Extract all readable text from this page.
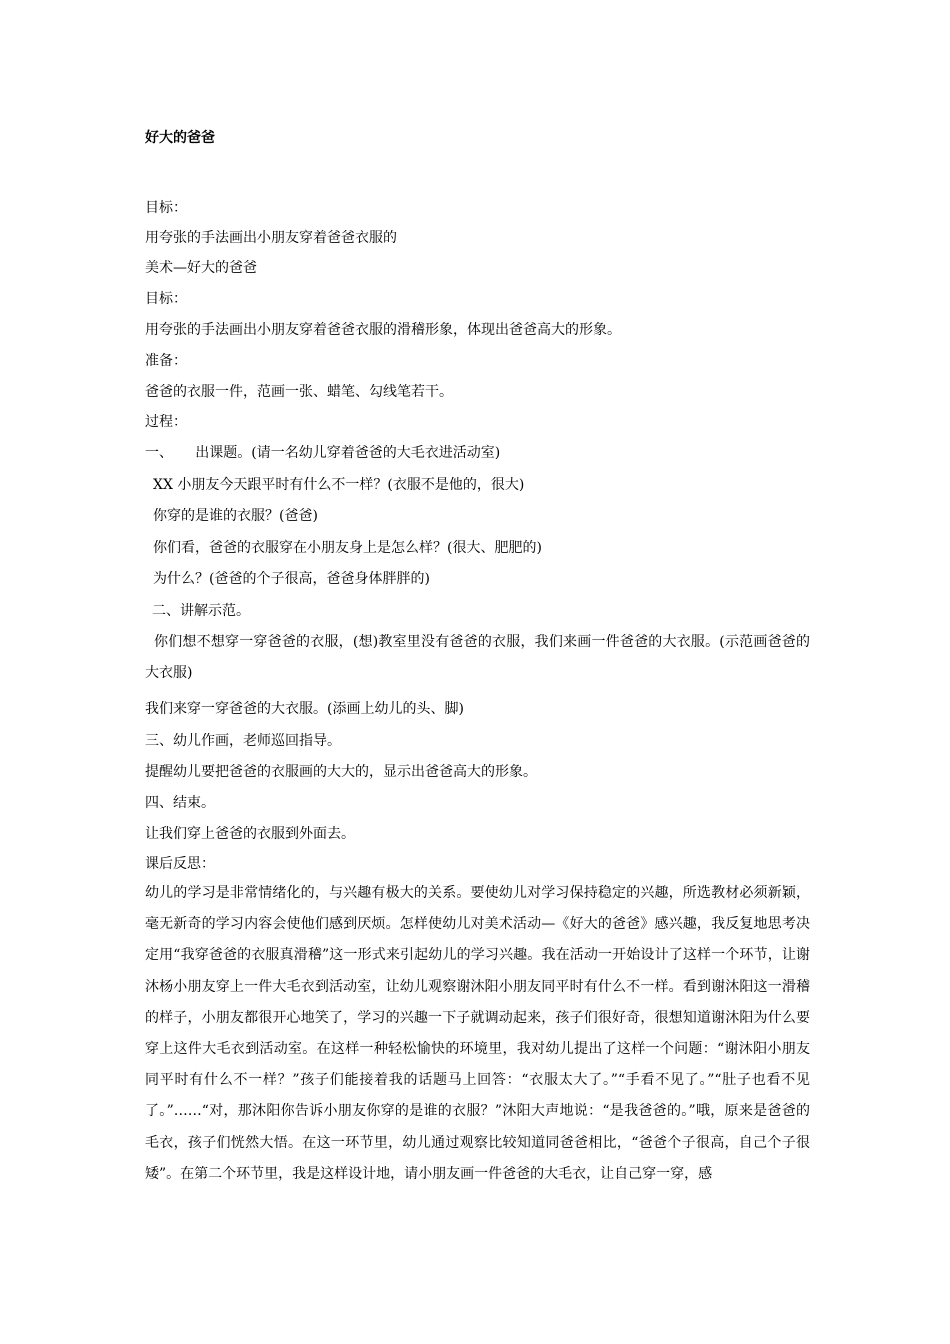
好大的爸爸
目标：
用夸张的手法画出小朋友穿着爸爸衣服的
美术—好大的爸爸
目标：
用夸张的手法画出小朋友穿着爸爸衣服的滑稽形象，体现出爸爸高大的形象。
准备：
爸爸的衣服一件，范画一张、蜡笔、勾线笔若干。
过程：
一、     出课题。(请一名幼儿穿着爸爸的大毛衣进活动室)
XX 小朋友今天跟平时有什么不一样？(衣服不是他的，很大)
你穿的是谁的衣服？(爸爸)
你们看，爸爸的衣服穿在小朋友身上是怎么样？(很大、肥肥的)
为什么？(爸爸的个子很高，爸爸身体胖胖的)
二、讲解示范。
你们想不想穿一穿爸爸的衣服，(想)教室里没有爸爸的衣服，我们来画一件爸爸的大衣服。(示范画爸爸的大衣服)
我们来穿一穿爸爸的大衣服。(添画上幼儿的头、脚)
三、幼儿作画，老师巡回指导。
提醒幼儿要把爸爸的衣服画的大大的，显示出爸爸高大的形象。
四、结束。
让我们穿上爸爸的衣服到外面去。
课后反思：
幼儿的学习是非常情绪化的，与兴趣有极大的关系。要使幼儿对学习保持稳定的兴趣，所选教材必须新颖，毫无新奇的学习内容会使他们感到厌烦。怎样使幼儿对美术活动—《好大的爸爸》感兴趣，我反复地思考决定用“我穿爸爸的衣服真滑稽”这一形式来引起幼儿的学习兴趣。我在活动一开始设计了这样一个环节，让谢沐杨小朋友穿上一件大毛衣到活动室，让幼儿观察谢沐阳小朋友同平时有什么不一样。看到谢沐阳这一滑稽的样子，小朋友都很开心地笑了，学习的兴趣一下子就调动起来，孩子们很好奇，很想知道谢沐阳为什么要穿上这件大毛衣到活动室。在这样一种轻松愉快的环境里，我对幼儿提出了这样一个问题：“谢沐阳小朋友同平时有什么不一样？”孩子们能接着我的话题马上回答：“衣服太大了。”“手看不见了。”“肚子也看不见了。”……“对，那沐阳你告诉小朋友你穿的是谁的衣服？”沐阳大声地说：“是我爸爸的。”哦，原来是爸爸的毛衣，孩子们恍然大悟。在这一环节里，幼儿通过观察比较知道同爸爸相比，“爸爸个子很高，自己个子很矮”。在第二个环节里，我是这样设计地，请小朋友画一件爸爸的大毛衣，让自己穿一穿，感
